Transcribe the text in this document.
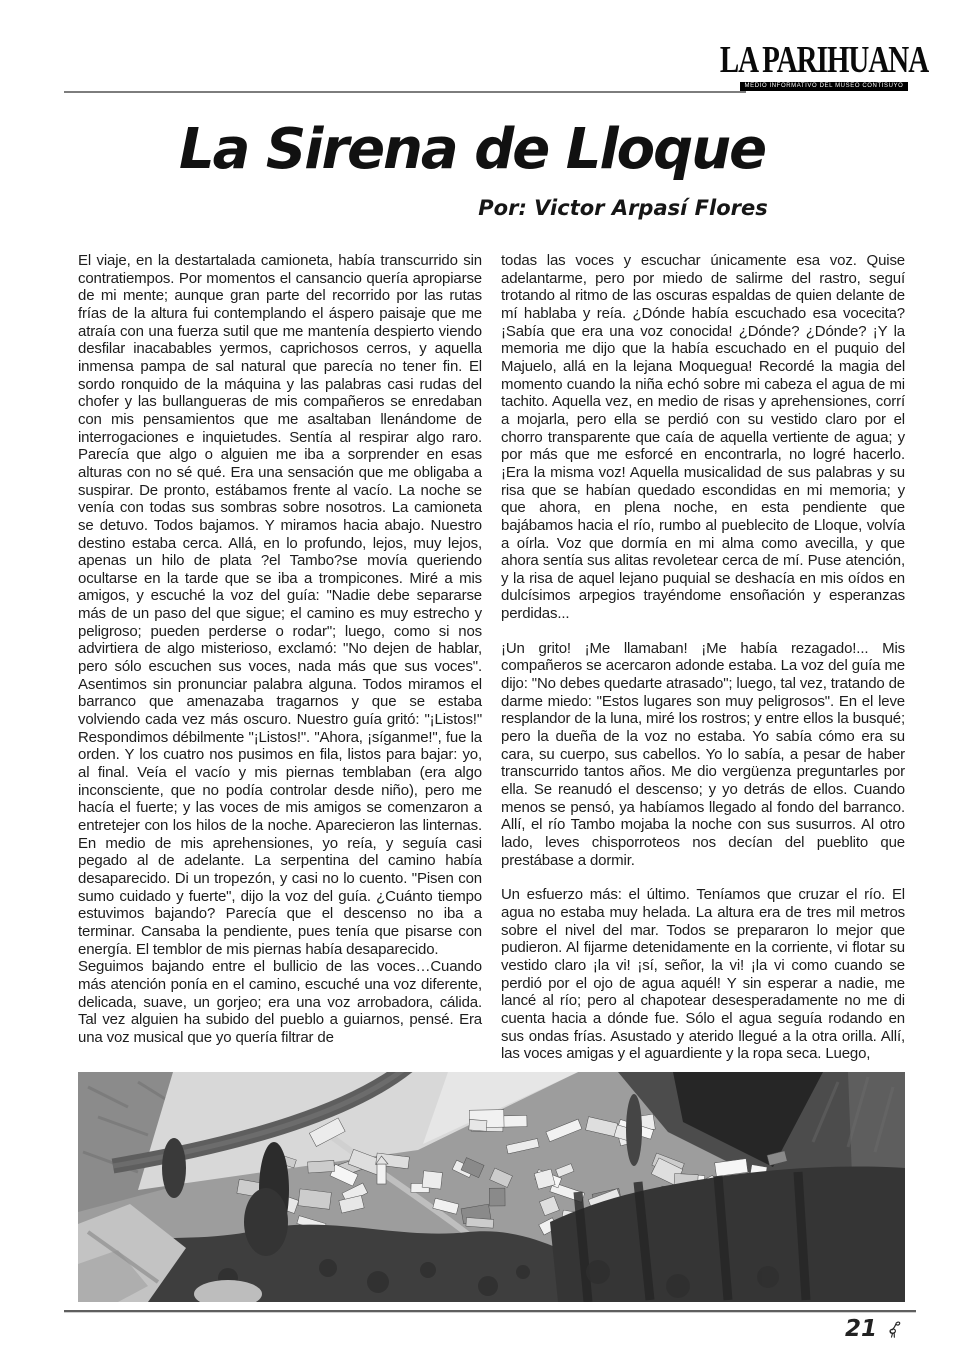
LA PARIHUANA
MEDIO INFORMATIVO DEL MUSEO CONTISUYO
La Sirena de Lloque
Por: Victor Arpasí Flores

El viaje, en la destartalada camioneta, había transcurrido sin contratiempos. Por momentos el cansancio quería apropiarse de mi mente; aunque gran parte del recorrido por las rutas frías de la altura fui contemplando el áspero paisaje que me atraía con una fuerza sutil que me mantenía despierto viendo desfilar inacabables yermos, caprichosos cerros, y aquella inmensa pampa de sal natural que parecía no tener fin. El sordo ronquido de la máquina y las palabras casi rudas del chofer y las bullangueras de mis compañeros se enredaban con mis pensamientos que me asaltaban llenándome de interrogaciones e inquietudes. Sentía al respirar algo raro. Parecía que algo o alguien me iba a sorprender en esas alturas con no sé qué. Era una sensación que me obligaba a suspirar. De pronto, estábamos frente al vacío. La noche se venía con todas sus sombras sobre nosotros. La camioneta se detuvo. Todos bajamos. Y miramos hacia abajo. Nuestro destino estaba cerca. Allá, en lo profundo, lejos, muy lejos, apenas un hilo de plata ?el Tambo?se movía queriendo ocultarse en la tarde que se iba a trompicones. Miré a mis amigos, y escuché la voz del guía: "Nadie debe separarse más de un paso del que sigue; el camino es muy estrecho y peligroso; pueden perderse o rodar"; luego, como si nos advirtiera de algo misterioso, exclamó: "No dejen de hablar, pero sólo escuchen sus voces, nada más que sus voces". Asentimos sin pronunciar palabra alguna. Todos miramos el barranco que amenazaba tragarnos y que se estaba volviendo cada vez más oscuro. Nuestro guía gritó: "¡Listos!" Respondimos débilmente "¡Listos!". "Ahora, ¡síganme!", fue la orden. Y los cuatro nos pusimos en fila, listos para bajar: yo, al final. Veía el vacío y mis piernas temblaban (era algo inconsciente, que no podía controlar desde niño), pero me hacía el fuerte; y las voces de mis amigos se comenzaron a entretejer con los hilos de la noche. Aparecieron las linternas. En medio de mis aprehensiones, yo reía, y seguía casi pegado al de adelante. La serpentina del camino había desaparecido. Di un tropezón, y casi no lo cuento. "Pisen con sumo cuidado y fuerte", dijo la voz del guía. ¿Cuánto tiempo estuvimos bajando? Parecía que el descenso no iba a terminar. Cansaba la pendiente, pues tenía que pisarse con energía. El temblor de mis piernas había desaparecido.

Seguimos bajando entre el bullicio de las voces…Cuando más atención ponía en el camino, escuché una voz diferente, delicada, suave, un gorjeo; era una voz arrobadora, cálida. Tal vez alguien ha subido del pueblo a guiarnos, pensé. Era una voz musical que yo quería filtrar de

todas las voces y escuchar únicamente esa voz. Quise adelantarme, pero por miedo de salirme del rastro, seguí trotando al ritmo de las oscuras espaldas de quien delante de mí hablaba y reía. ¿Dónde había escuchado esa vocecita? ¡Sabía que era una voz conocida! ¿Dónde? ¿Dónde? ¡Y la memoria me dijo que la había escuchado en el puquio del Majuelo, allá en la lejana Moquegua! Recordé la magia del momento cuando la niña echó sobre mi cabeza el agua de mi tachito. Aquella vez, en medio de risas y aprehensiones, corrí a mojarla, pero ella se perdió con su vestido claro por el chorro transparente que caía de aquella vertiente de agua; y por más que me esforcé en encontrarla, no logré hacerlo. ¡Era la misma voz! Aquella musicalidad de sus palabras y su risa que se habían quedado escondidas en mi memoria; y que ahora, en plena noche, en esta pendiente que bajábamos hacia el río, rumbo al pueblecito de Lloque, volvía a oírla. Voz que dormía en mi alma como avecilla, y que ahora sentía sus alitas revoletear cerca de mí. Puse atención, y la risa de aquel lejano puquial se deshacía en mis oídos en dulcísimos arpegios trayéndome ensoñación y esperanzas perdidas...

¡Un grito! ¡Me llamaban! ¡Me había rezagado!... Mis compañeros se acercaron adonde estaba. La voz del guía me dijo: "No debes quedarte atrasado"; luego, tal vez, tratando de darme miedo: "Estos lugares son muy peligrosos". En el leve resplandor de la luna, miré los rostros; y entre ellos la busqué; pero la dueña de la voz no estaba. Yo sabía cómo era su cara, su cuerpo, sus cabellos. Yo lo sabía, a pesar de haber transcurrido tantos años. Me dio vergüenza preguntarles por ella. Se reanudó el descenso; y yo detrás de ellos. Cuando menos se pensó, ya habíamos llegado al fondo del barranco. Allí, el río Tambo mojaba la noche con sus susurros. Al otro lado, leves chisporroteos nos decían del pueblito que prestábase a dormir.

Un esfuerzo más: el último. Teníamos que cruzar el río. El agua no estaba muy helada. La altura era de tres mil metros sobre el nivel del mar. Todos se prepararon lo mejor que pudieron. Al fijarme detenidamente en la corriente, vi flotar su vestido claro ¡la vi! ¡sí, señor, la vi! ¡la vi como cuando se perdió por el ojo de agua aquél! Y sin esperar a nadie, me lancé al río; pero al chapotear desesperadamente no me di cuenta hacia a dónde fue. Sólo el agua seguía rodando en sus ondas frías. Asustado y aterido llegué a la otra orilla. Allí, las voces amigas y el aguardiente y la ropa seca. Luego,

21
